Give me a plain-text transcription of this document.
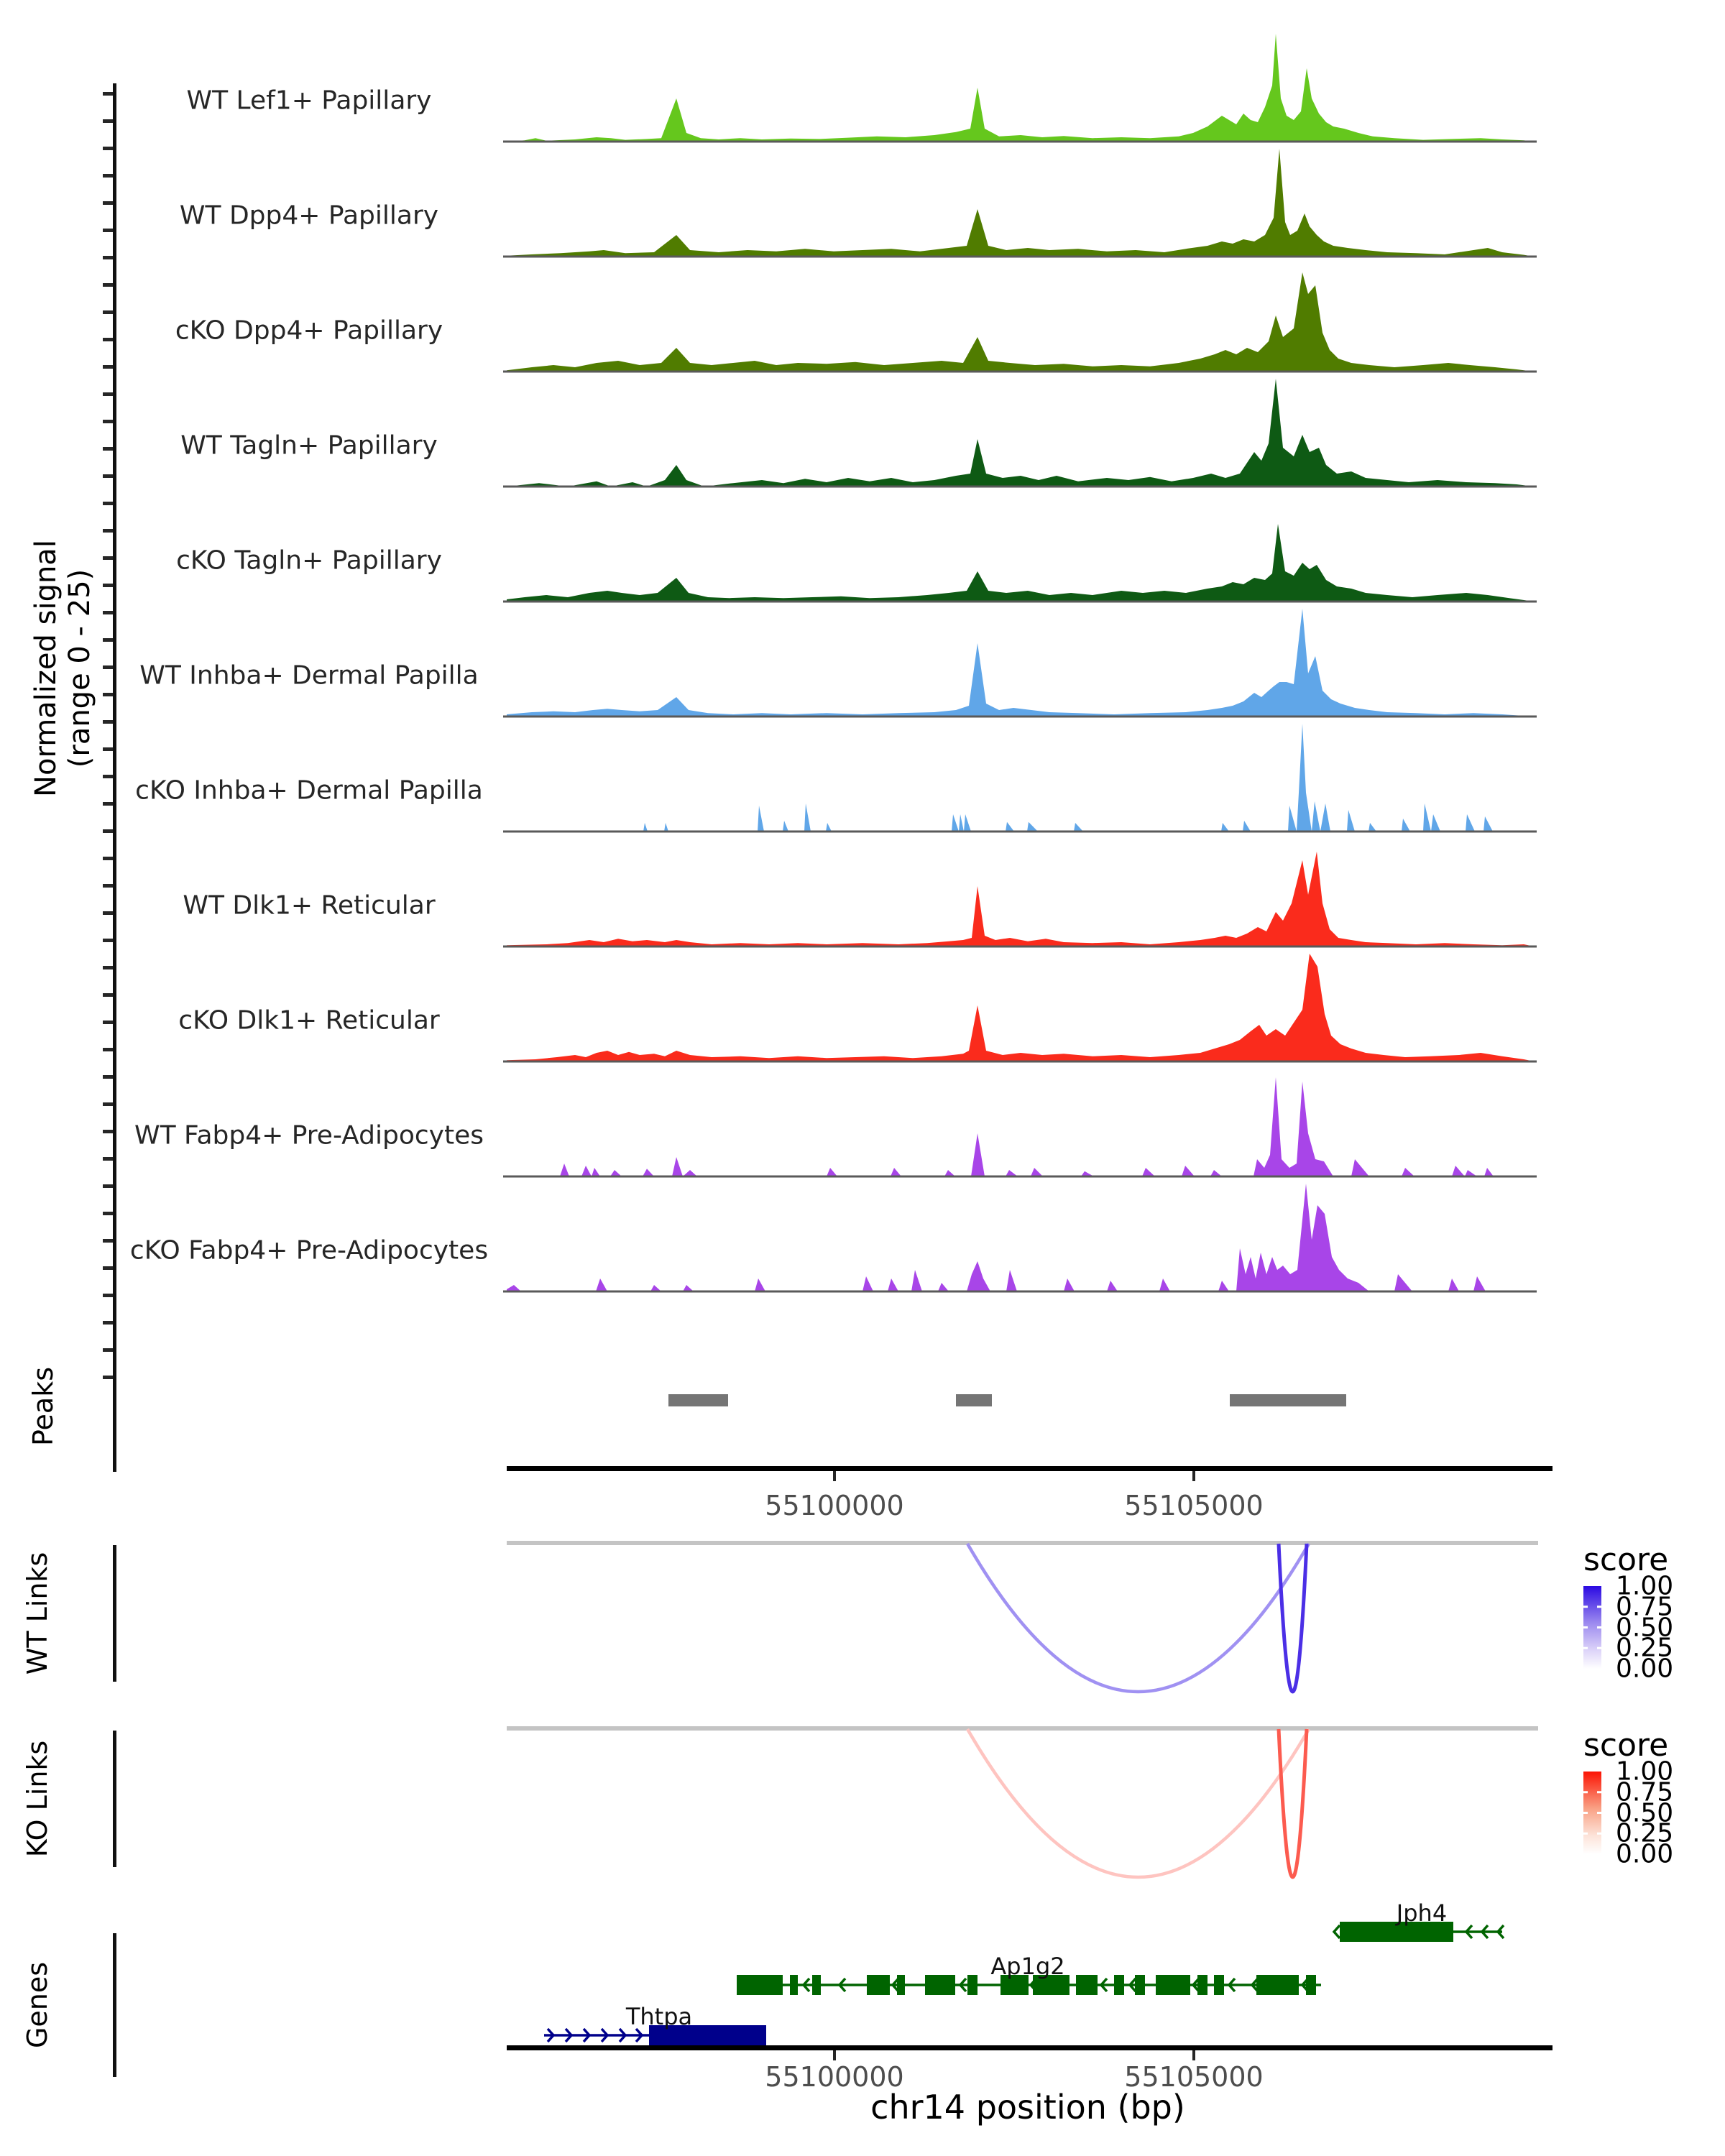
Normalized signal (range 0 - 25)
Peaks
WT Links
KO Links
Genes
score
score
chr14 position (bp)
WT Lef1+ Papillary
WT Dpp4+ Papillary
cKO Dpp4+ Papillary
WT Tagln+ Papillary
cKO Tagln+ Papillary
WT Inhba+ Dermal Papilla
cKO Inhba+ Dermal Papilla
WT Dlk1+ Reticular
cKO Dlk1+ Reticular
WT Fabp4+ Pre-Adipocytes
cKO Fabp4+ Pre-Adipocytes
55100000
55100000
55105000
55105000
1.00
1.00
0.75
0.75
0.50
0.50
0.25
0.25
0.00
0.00
Jph4
Ap1g2
Thtpa
